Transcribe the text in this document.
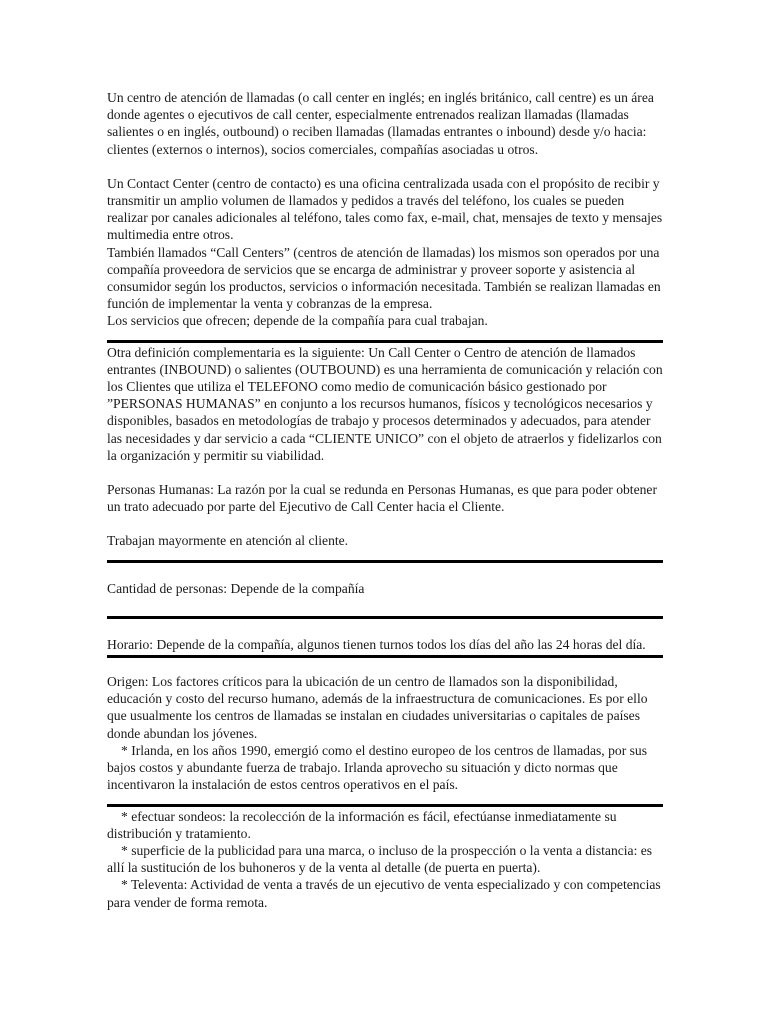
Un centro de atención de llamadas (o call center en inglés; en inglés británico, call centre) es un área donde agentes o ejecutivos de call center, especialmente entrenados realizan llamadas (llamadas salientes o en inglés, outbound) o reciben llamadas (llamadas entrantes o inbound) desde y/o hacia: clientes (externos o internos), socios comerciales, compañías asociadas u otros.

Un Contact Center (centro de contacto) es una oficina centralizada usada con el propósito de recibir y transmitir un amplio volumen de llamados y pedidos a través del teléfono, los cuales se pueden realizar por canales adicionales al teléfono, tales como fax, e-mail, chat, mensajes de texto y mensajes multimedia entre otros.

También llamados “Call Centers” (centros de atención de llamadas) los mismos son operados por una compañía proveedora de servicios que se encarga de administrar y proveer soporte y asistencia al consumidor según los productos, servicios o información necesitada. También se realizan llamadas en función de implementar la venta y cobranzas de la empresa.

Los servicios que ofrecen; depende de la compañía para cual trabajan.

Otra definición complementaria es la siguiente: Un Call Center o Centro de atención de llamados entrantes (INBOUND) o salientes (OUTBOUND) es una herramienta de comunicación y relación con los Clientes que utiliza el TELEFONO como medio de comunicación básico gestionado por ”PERSONAS HUMANAS” en conjunto a los recursos humanos, físicos y tecnológicos necesarios y disponibles, basados en metodologías de trabajo y procesos determinados y adecuados, para atender las necesidades y dar servicio a cada “CLIENTE UNICO” con el objeto de atraerlos y fidelizarlos con la organización y permitir su viabilidad.

Personas Humanas: La razón por la cual se redunda en Personas Humanas, es que para poder obtener un trato adecuado por parte del Ejecutivo de Call Center hacia el Cliente.

Trabajan mayormente en atención al cliente.

Cantidad de personas: Depende de la compañía

Horario: Depende de la compañía, algunos tienen turnos todos los días del año las 24 horas del día.

Origen: Los factores críticos para la ubicación de un centro de llamados son la disponibilidad, educación y costo del recurso humano, además de la infraestructura de comunicaciones. Es por ello que usualmente los centros de llamadas se instalan en ciudades universitarias o capitales de países donde abundan los jóvenes.

* Irlanda, en los años 1990, emergió como el destino europeo de los centros de llamadas, por sus bajos costos y abundante fuerza de trabajo. Irlanda aprovecho su situación y dicto normas que incentivaron la instalación de estos centros operativos en el país.

* efectuar sondeos: la recolección de la información es fácil, efectúanse inmediatamente su distribución y tratamiento.

* superficie de la publicidad para una marca, o incluso de la prospección o la venta a distancia: es allí la sustitución de los buhoneros y de la venta al detalle (de puerta en puerta).

* Televenta: Actividad de venta a través de un ejecutivo de venta especializado y con competencias para vender de forma remota.
